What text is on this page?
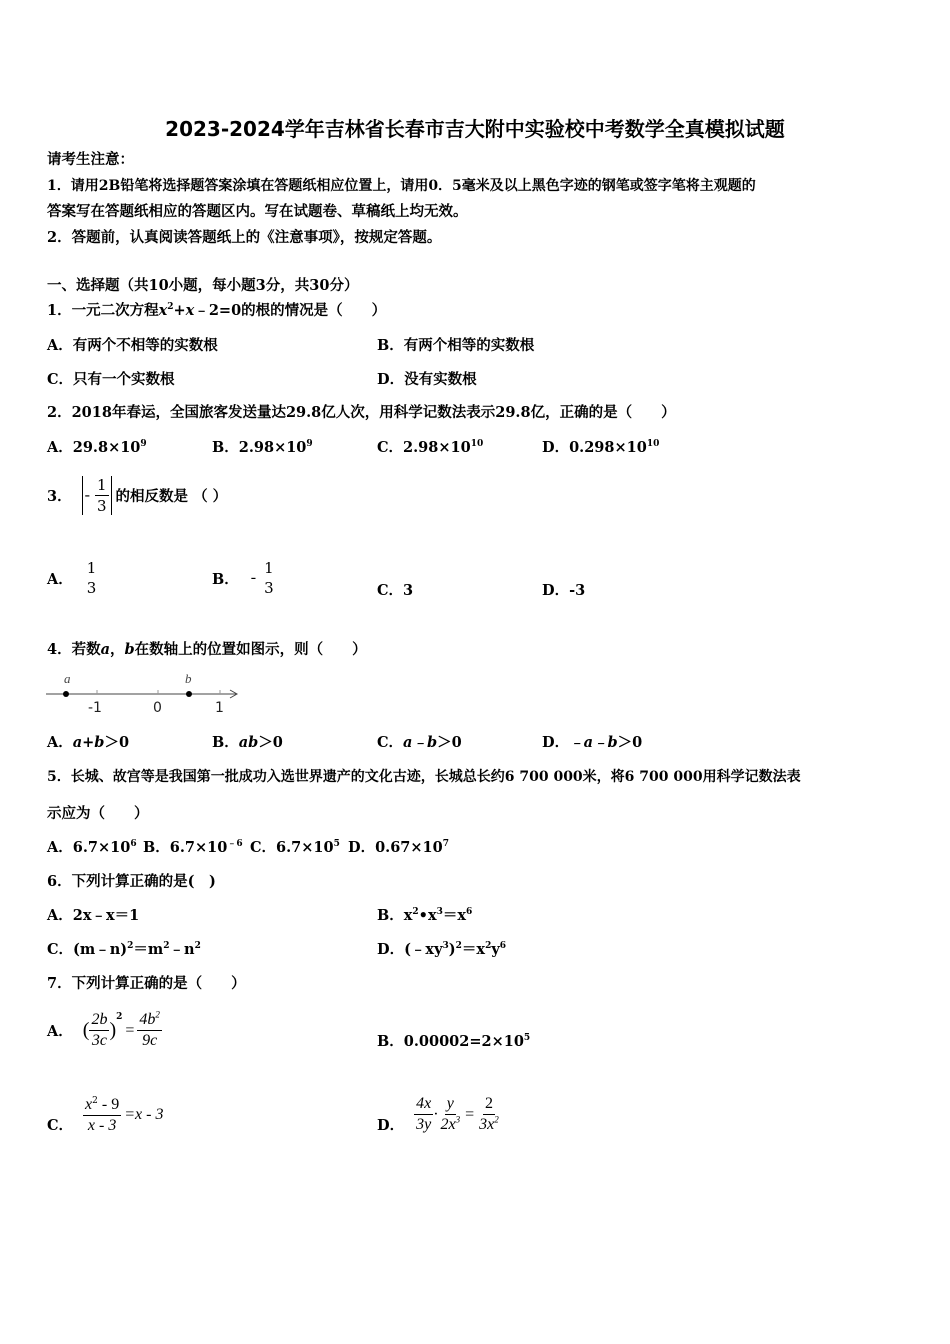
2023-2024学年吉林省长春市吉大附中实验校中考数学全真模拟试题
请考生注意：
1．请用2B铅笔将选择题答案涂填在答题纸相应位置上，请用0．5毫米及以上黑色字迹的钢笔或签字笔将主观题的
答案写在答题纸相应的答题区内。写在试题卷、草稿纸上均无效。
2．答题前，认真阅读答题纸上的《注意事项》，按规定答题。
一、选择题（共10小题，每小题3分，共30分）
1．一元二次方程$x^2+x﹣2=0$的根的情况是（　　）
A．有两个不相等的实数根	B．有两个相等的实数根
C．只有一个实数根	D．没有实数根
2．2018年春运，全国旅客发送量达29.8亿人次，用科学记数法表示29.8亿，正确的是（　　）
A．$29.8\times 10^9$	B．$2.98\times 10^9$	C．$2.98\times 10^{10}$	D．$0.298\times 10^{10}$
3． - $\frac{1}{3}$ 的相反数是 （ ）
A．
1
3	B． -
1
3	C．3	D．-3
4．若数a，b在数轴上的位置如图示，则（　　）
a	b
-1	0	1
A．a+b＞0	B．ab＞0	C．a﹣b＞0	D．﹣a﹣b＞0
5．长城、故宫等是我国第一批成功入选世界遗产的文化古迹，长城总长约6 700 000米，将6 700 000用科学记数法表
示应为（　　）
A．$6.7\times 10^6$ B．$6.7\times 10^{﹣6}$ C．$6.7\times 10^5$ D．$0.67\times 10^7$
6．下列计算正确的是(　)
A．2x﹣x＝1	B．$x^2•x^3=x^6$
C．$(m﹣n)^2=m^2﹣n^2$	D．$(﹣xy^3)^2=x^2y^6$
7．下列计算正确的是（　　）
A． ( $\frac{2b}{3c}$ )
2
= $\frac{4b^2}{9c}$	B．$0.00002=2\times 10^5$
C． $\frac{x^2 - 9}{x - 3} =x - 3$
D． $\frac{4x}{3y} \cdot \frac{y}{2x^3} = \frac{2}{3x^2}$
